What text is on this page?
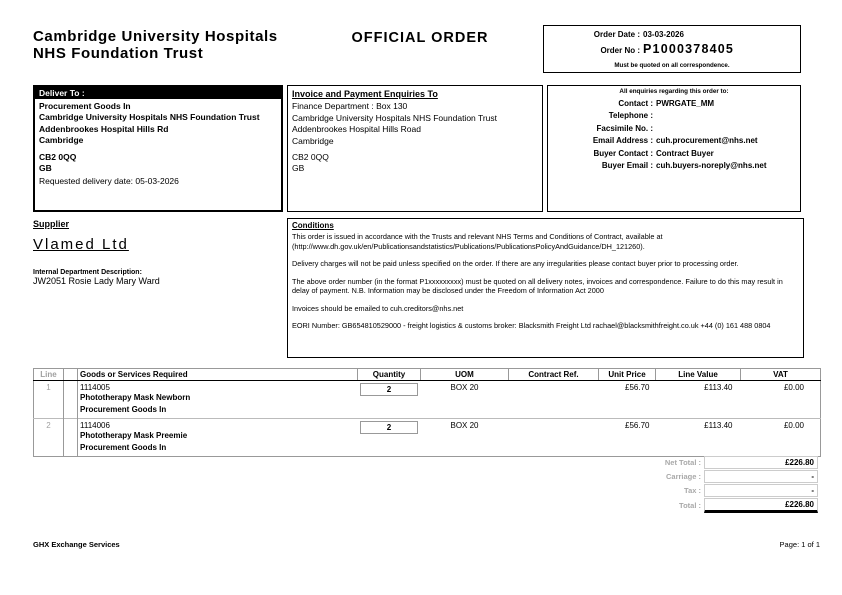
Cambridge University Hospitals
NHS Foundation Trust
OFFICIAL ORDER	Order Date : 03-03-2026
Order No : P1000378405
Must be quoted on all correspondence.
Deliver To :
Procurement Goods In
Cambridge University Hospitals NHS Foundation Trust
Addenbrookes Hospital Hills Rd
Cambridge
CB2 0QQ
GB
Requested delivery date: 05-03-2026
Invoice and Payment Enquiries To
Finance Department : Box 130
Cambridge University Hospitals NHS Foundation Trust
Addenbrookes Hospital Hills Road
Cambridge
CB2 0QQ
GB
All enquiries regarding this order to:
Contact : PWRGATE_MM
Telephone :
Facsimile No. :
Email Address : cuh.procurement@nhs.net
Buyer Contact : Contract Buyer
Buyer Email : cuh.buyers-noreply@nhs.net
Supplier
Vlamed Ltd
Internal Department Description:
JW2051 Rosie Lady Mary Ward
Conditions

This order is issued in accordance with the Trusts and relevant NHS Terms and Conditions of Contract, available at (http://www.dh.gov.uk/en/Publicationsandstatistics/Publications/PublicationsPolicyAndGuidance/DH_121260).

Delivery charges will not be paid unless specified on the order. If there are any irregularities please contact buyer prior to processing order.

The above order number (in the format P1xxxxxxxxx) must be quoted on all delivery notes, invoices and correspondence. Failure to do this may result in delay of payment. N.B. Information may be disclosed under the Freedom of Information Act 2000

Invoices should be emailed to cuh.creditors@nhs.net

EORI Number: GB654810529000 - freight logistics & customs broker: Blacksmith Freight Ltd rachael@blacksmithfreight.co.uk +44 (0) 161 488 0804

Line		Goods or Services Required	Quantity	UOM	Contract Ref.	Unit Price	Line Value	VAT
1		1114005
Phototherapy Mask Newborn
Procurement Goods In	2	BOX 20		£56.70	£113.40	£0.00
2		1114006
Phototherapy Mask Preemie
Procurement Goods In	2	BOX 20		£56.70	£113.40	£0.00
Net Total :	£226.80
Carriage :	-
Tax :	-
Total :	£226.80
GHX Exchange Services	Page: 1 of 1
